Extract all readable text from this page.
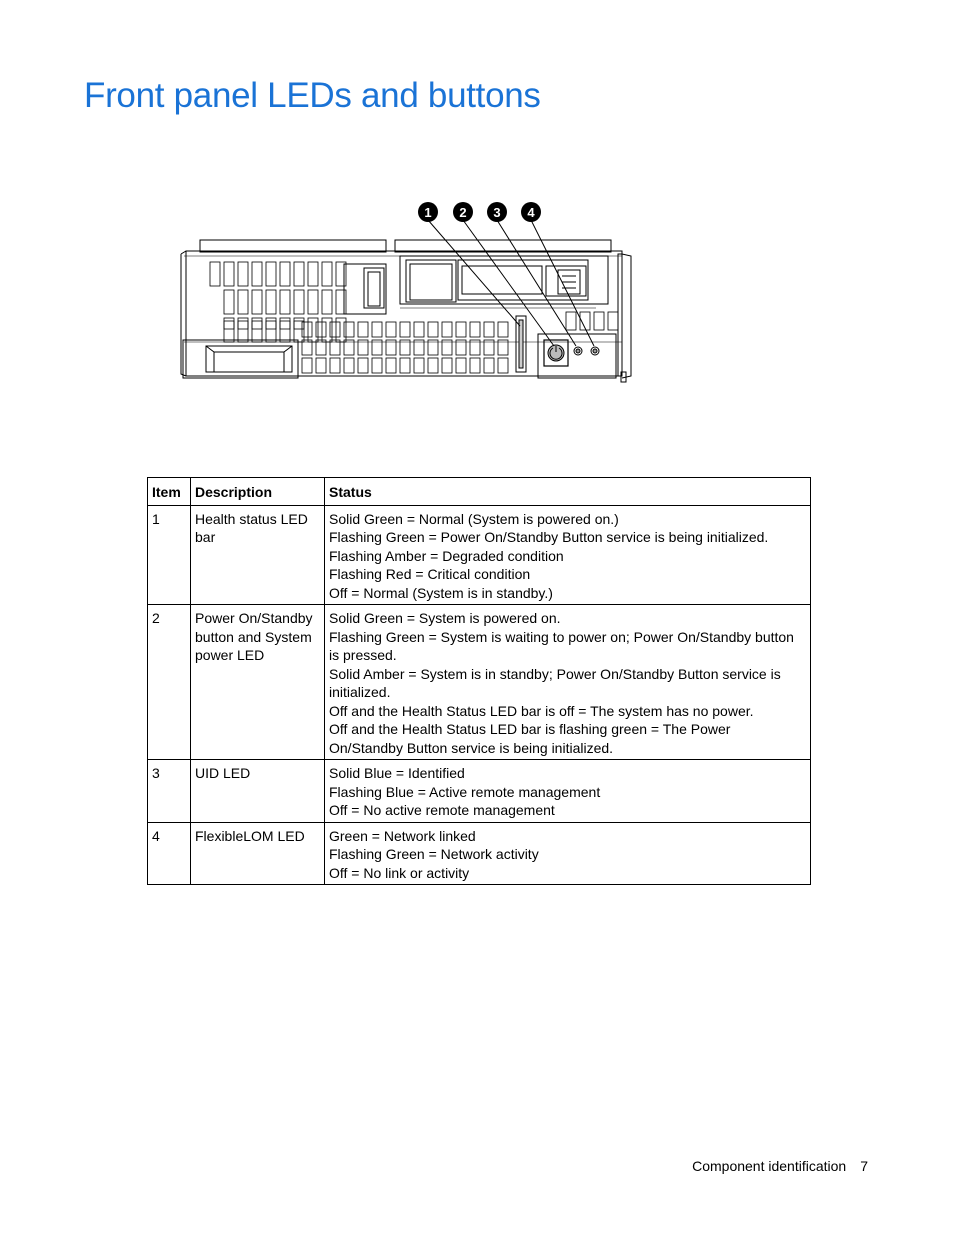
Front panel LEDs and buttons
1 2 3 4
Item	Description	Status
1	Health status LED bar	Solid Green = Normal (System is powered on.)
Flashing Green = Power On/Standby Button service is being initialized.
Flashing Amber = Degraded condition
Flashing Red = Critical condition
Off = Normal (System is in standby.)

2	Power On/Standby button and System power LED	Solid Green = System is powered on.
Flashing Green = System is waiting to power on; Power On/Standby button is pressed.
Solid Amber = System is in standby; Power On/Standby Button service is initialized.
Off and the Health Status LED bar is off = The system has no power.
Off and the Health Status LED bar is flashing green = The Power On/Standby Button service is being initialized.

3	UID LED	Solid Blue = Identified
Flashing Blue = Active remote management
Off = No active remote management

4	FlexibleLOM LED	Green = Network linked
Flashing Green = Network activity
Off = No link or activity
Component identification 7
